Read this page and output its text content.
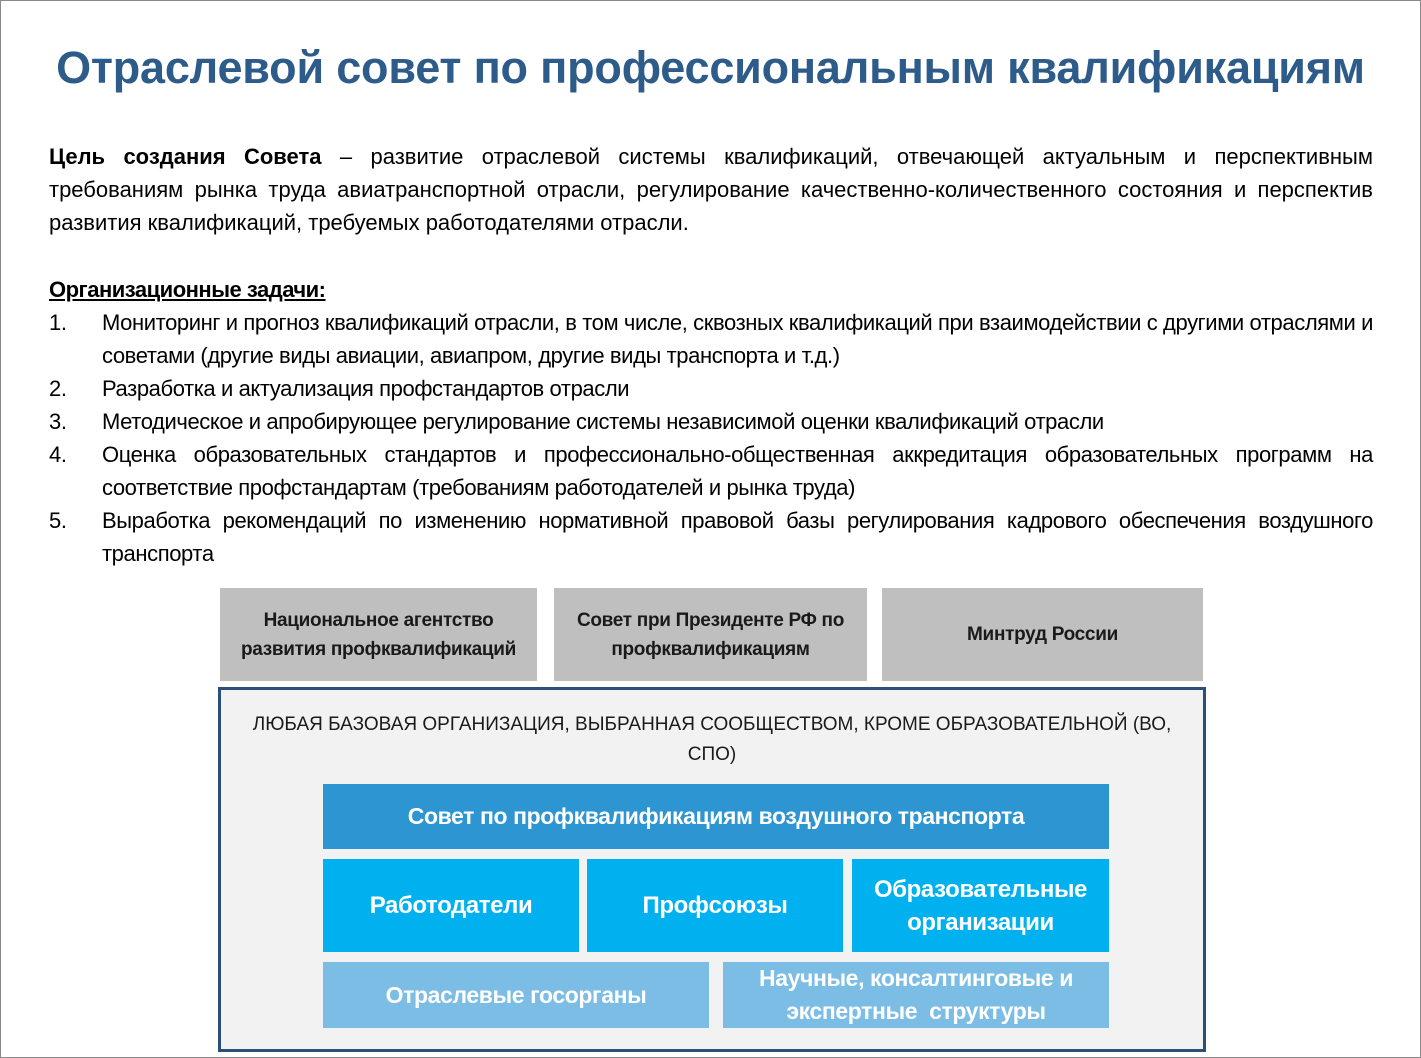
Отраслевой совет по профессиональным квалификациям
Цель создания Совета – развитие отраслевой системы квалификаций, отвечающей актуальным и перспективным требованиям рынка труда авиатранспортной отрасли, регулирование качественно-количественного состояния и перспектив развития квалификаций, требуемых работодателями отрасли.
Организационные задачи:
1. Мониторинг и прогноз квалификаций отрасли, в том числе, сквозных квалификаций при взаимодействии с другими отраслями и советами (другие виды авиации, авиапром, другие виды транспорта и т.д.)
2. Разработка и актуализация профстандартов отрасли
3. Методическое и апробирующее регулирование системы независимой оценки квалификаций отрасли
4. Оценка образовательных стандартов и профессионально-общественная аккредитация образовательных программ на соответствие профстандартам (требованиям работодателей и рынка труда)
5. Выработка рекомендаций по изменению нормативной правовой базы регулирования кадрового обеспечения воздушного транспорта
Национальное агентство развития профквалификаций
Совет при Президенте РФ по профквалификациям
Минтруд России
ЛЮБАЯ БАЗОВАЯ ОРГАНИЗАЦИЯ, ВЫБРАННАЯ СООБЩЕСТВОМ, КРОМЕ ОБРАЗОВАТЕЛЬНОЙ (ВО, СПО)
Совет по профквалификациям воздушного транспорта
Работодатели	Профсоюзы
Образовательные организации
Отраслевые госорганы
Научные, консалтинговые и экспертные  структуры
